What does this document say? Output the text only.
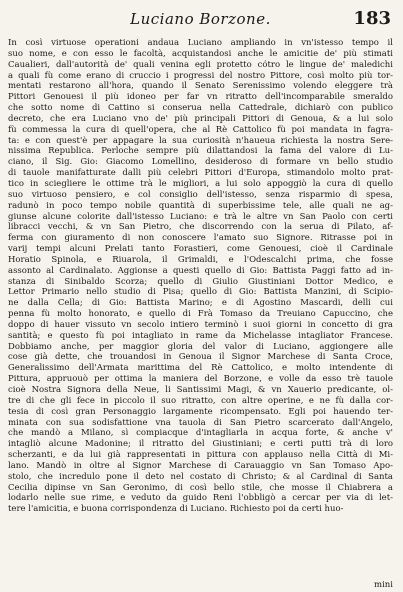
Luciano Borzone.	183
In così virtuose operationi andaua Luciano ampliando in vn'istesso tempo il
suo nome, e con esso le facoltà, acquistandosi anche le amicitie de' più stimati
Caualieri, dall'autorità de' quali venina egli protetto cótro le lingue de' maledichi
a quali fù come erano di cruccio i progressi del nostro Pittore, così molto più tor-
mentati restarono all'hora, quando il Senato Serenissimo volendo eleggere trà
Pittori Genouesi il più idoneo per far vn ritratto dell'incomparabile smeraldo
che sotto nome di Cattino si conserua nella Cattedrale, dichiarò con publico
decreto, che era Luciano vno de' più principali Pittori di Genoua, & a lui solo
fù commessa la cura di quell'opera, che al Rè Cattolico fù poi mandata in fagra-
ta: e con quest'è per appagare la sua curiosità n'haueua richiesta la nostra Sere-
nissima Republica. Perloche sempre più dilattandosi la fama del valore di Lu-
ciano, il Sig. Gio: Giacomo Lomellino, desideroso di formare vn bello studio
di tauole manifatturate dalli più celebri Pittori d'Europa, stimandolo molto prat-
tico in sciegliere le ottime trà le migliori, a lui solo appoggiò la cura di quello
suo virtuoso pensiero, e col consiglio dell'istesso, senza risparmio di spesa,
radunò in poco tempo nobile quantità di superbissime tele, alle quali ne ag-
giunse alcune colorite dall'istesso Luciano: e trà le altre vn San Paolo con certi
libracci vecchi, & vn San Pietro, che discorrendo con la serua di Pilato, af-
ferma con giuramento di non conoscere l'amato suo Signore. Ritrasse poi in
varij tempi alcuni Prelati tanto Forastieri, come Genouesi, cioè il Cardinale
Horatio Spinola, e Riuarola, il Grimaldi, e l'Odescalchi prima, che fosse
assonto al Cardinalato. Aggionse a questi quello di Gio: Battista Paggi fatto ad in-
stanza di Sinibaldo Scorza; quello di Giulio Giustiniani Dottor Medico, e
Lettor Primario nello studio di Pisa; quello di Gio: Battista Manzini, di Scipio-
ne dalla Cella; di Gio: Battista Marino; e di Agostino Mascardi, delli cui
penna fù molto honorato, e quello di Frà Tomaso da Treuiano Capuccino, che
doppo di hauer vissuto vn secolo intiero terminò i suoi giorni in concetto di gra
santità; e questo fù poi intagliato in rame da Michelasse intagliator Francese.
Dobbiamo anche, per maggior gloria del valor di Luciano, aggiongere alle
cose già dette, che trouandosi in Genoua il Signor Marchese di Santa Croce,
Generalissimo dell'Armata marittima del Rè Cattolico, e molto intendente di
Pittura, appruouò per ottima la maniera del Borzone, e volle da esso trè tauole
cioè Nostra Signora della Neue, li Santissimi Magi, & vn Xauerio predicante, ol-
tre di che gli fece in piccolo il suo ritratto, con altre operine, e ne fù dalla cor-
tesia di così gran Personaggio largamente ricompensato. Egli poi hauendo ter-
minata con sua sodisfattione vna tauola di San Pietro scarcerato dall'Angelo,
che mandò a Milano, sì compiacque d'intagliarla in acqua forte, & anche v'
intagliò alcune Madonine; il ritratto del Giustiniani; e certi putti trà di loro
scherzanti, e da lui già rappresentati in pittura con applauso nella Città di Mi-
lano. Mandò in oltre al Signor Marchese di Carauaggio vn San Tomaso Apo-
stolo, che incredulo pone il deto nel costato di Christo; & al Cardinal di Santa
Cecilia dipinse vn San Geronimo, di così bello stile, che mosse il Chiabrera a
lodarlo nelle sue rime, e veduto da guido Reni l'obbligò a cercar per via di let-
tere l'amicitia, e buona corrispondenza di Luciano. Richiesto poi da certi huo-
mini
